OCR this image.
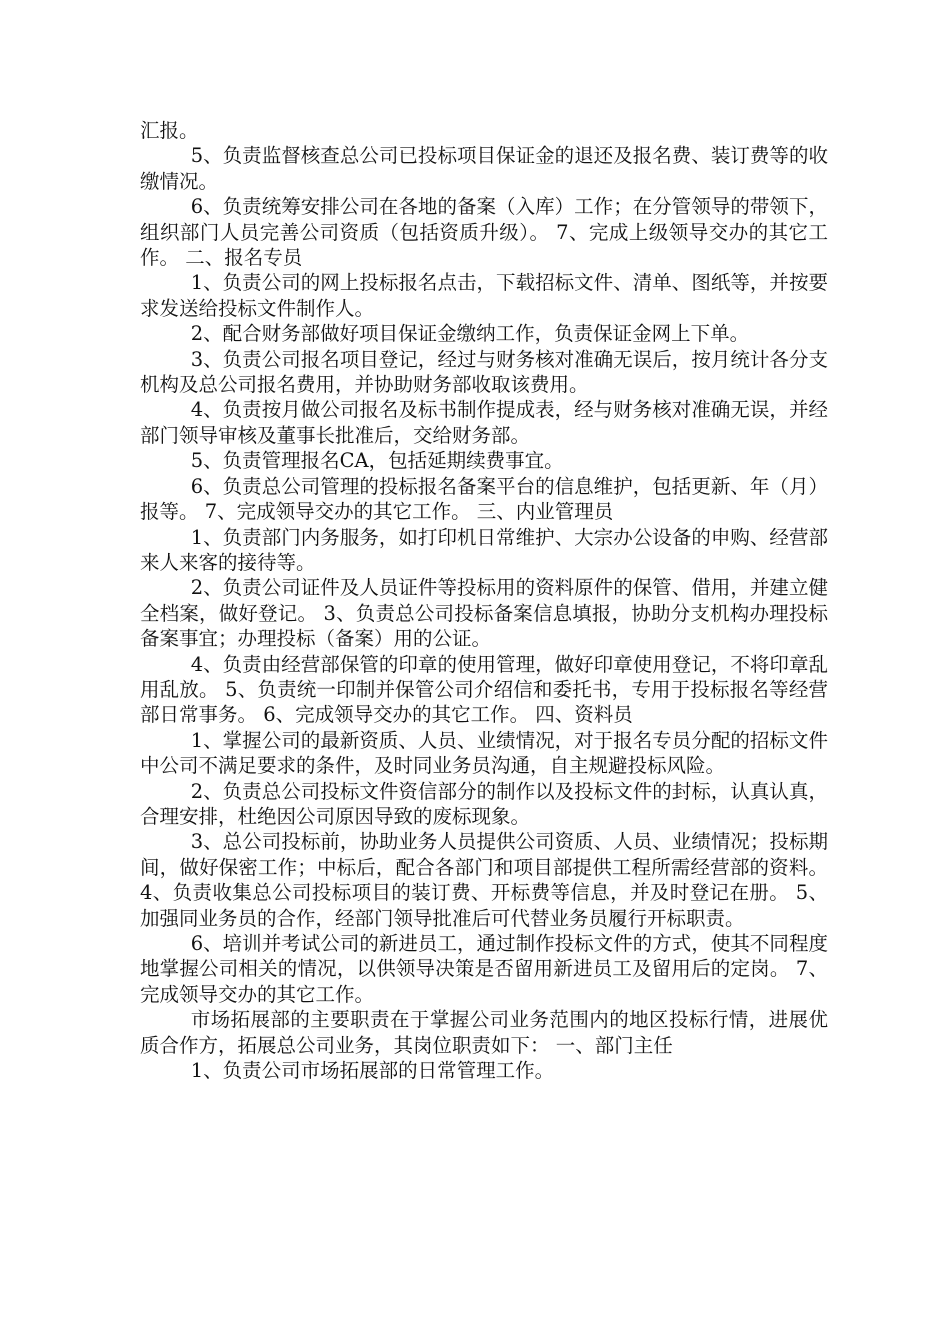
汇报。

5、负责监督核查总公司已投标项目保证金的退还及报名费、装订费等的收缴情况。

6、负责统筹安排公司在各地的备案（入库）工作；在分管领导的带领下，组织部门人员完善公司资质（包括资质升级）。 7、完成上级领导交办的其它工作。 二、报名专员

1、负责公司的网上投标报名点击，下载招标文件、清单、图纸等，并按要求发送给投标文件制作人。

2、配合财务部做好项目保证金缴纳工作，负责保证金网上下单。

3、负责公司报名项目登记，经过与财务核对准确无误后，按月统计各分支机构及总公司报名费用，并协助财务部收取该费用。

4、负责按月做公司报名及标书制作提成表，经与财务核对准确无误，并经部门领导审核及董事长批准后，交给财务部。

5、负责管理报名CA，包括延期续费事宜。

6、负责总公司管理的投标报名备案平台的信息维护，包括更新、年（月）报等。 7、完成领导交办的其它工作。 三、内业管理员

1、负责部门内务服务，如打印机日常维护、大宗办公设备的申购、经营部来人来客的接待等。

2、负责公司证件及人员证件等投标用的资料原件的保管、借用，并建立健全档案，做好登记。 3、负责总公司投标备案信息填报，协助分支机构办理投标备案事宜；办理投标（备案）用的公证。

4、负责由经营部保管的印章的使用管理，做好印章使用登记，不将印章乱用乱放。 5、负责统一印制并保管公司介绍信和委托书，专用于投标报名等经营部日常事务。 6、完成领导交办的其它工作。 四、资料员

1、掌握公司的最新资质、人员、业绩情况，对于报名专员分配的招标文件中公司不满足要求的条件，及时同业务员沟通，自主规避投标风险。

2、负责总公司投标文件资信部分的制作以及投标文件的封标，认真认真，合理安排，杜绝因公司原因导致的废标现象。

3、总公司投标前，协助业务人员提供公司资质、人员、业绩情况；投标期间，做好保密工作；中标后，配合各部门和项目部提供工程所需经营部的资料。 4、负责收集总公司投标项目的装订费、开标费等信息，并及时登记在册。 5、加强同业务员的合作，经部门领导批准后可代替业务员履行开标职责。

6、培训并考试公司的新进员工，通过制作投标文件的方式，使其不同程度地掌握公司相关的情况，以供领导决策是否留用新进员工及留用后的定岗。 7、完成领导交办的其它工作。

市场拓展部的主要职责在于掌握公司业务范围内的地区投标行情，进展优质合作方，拓展总公司业务，其岗位职责如下： 一、部门主任

1、负责公司市场拓展部的日常管理工作。
